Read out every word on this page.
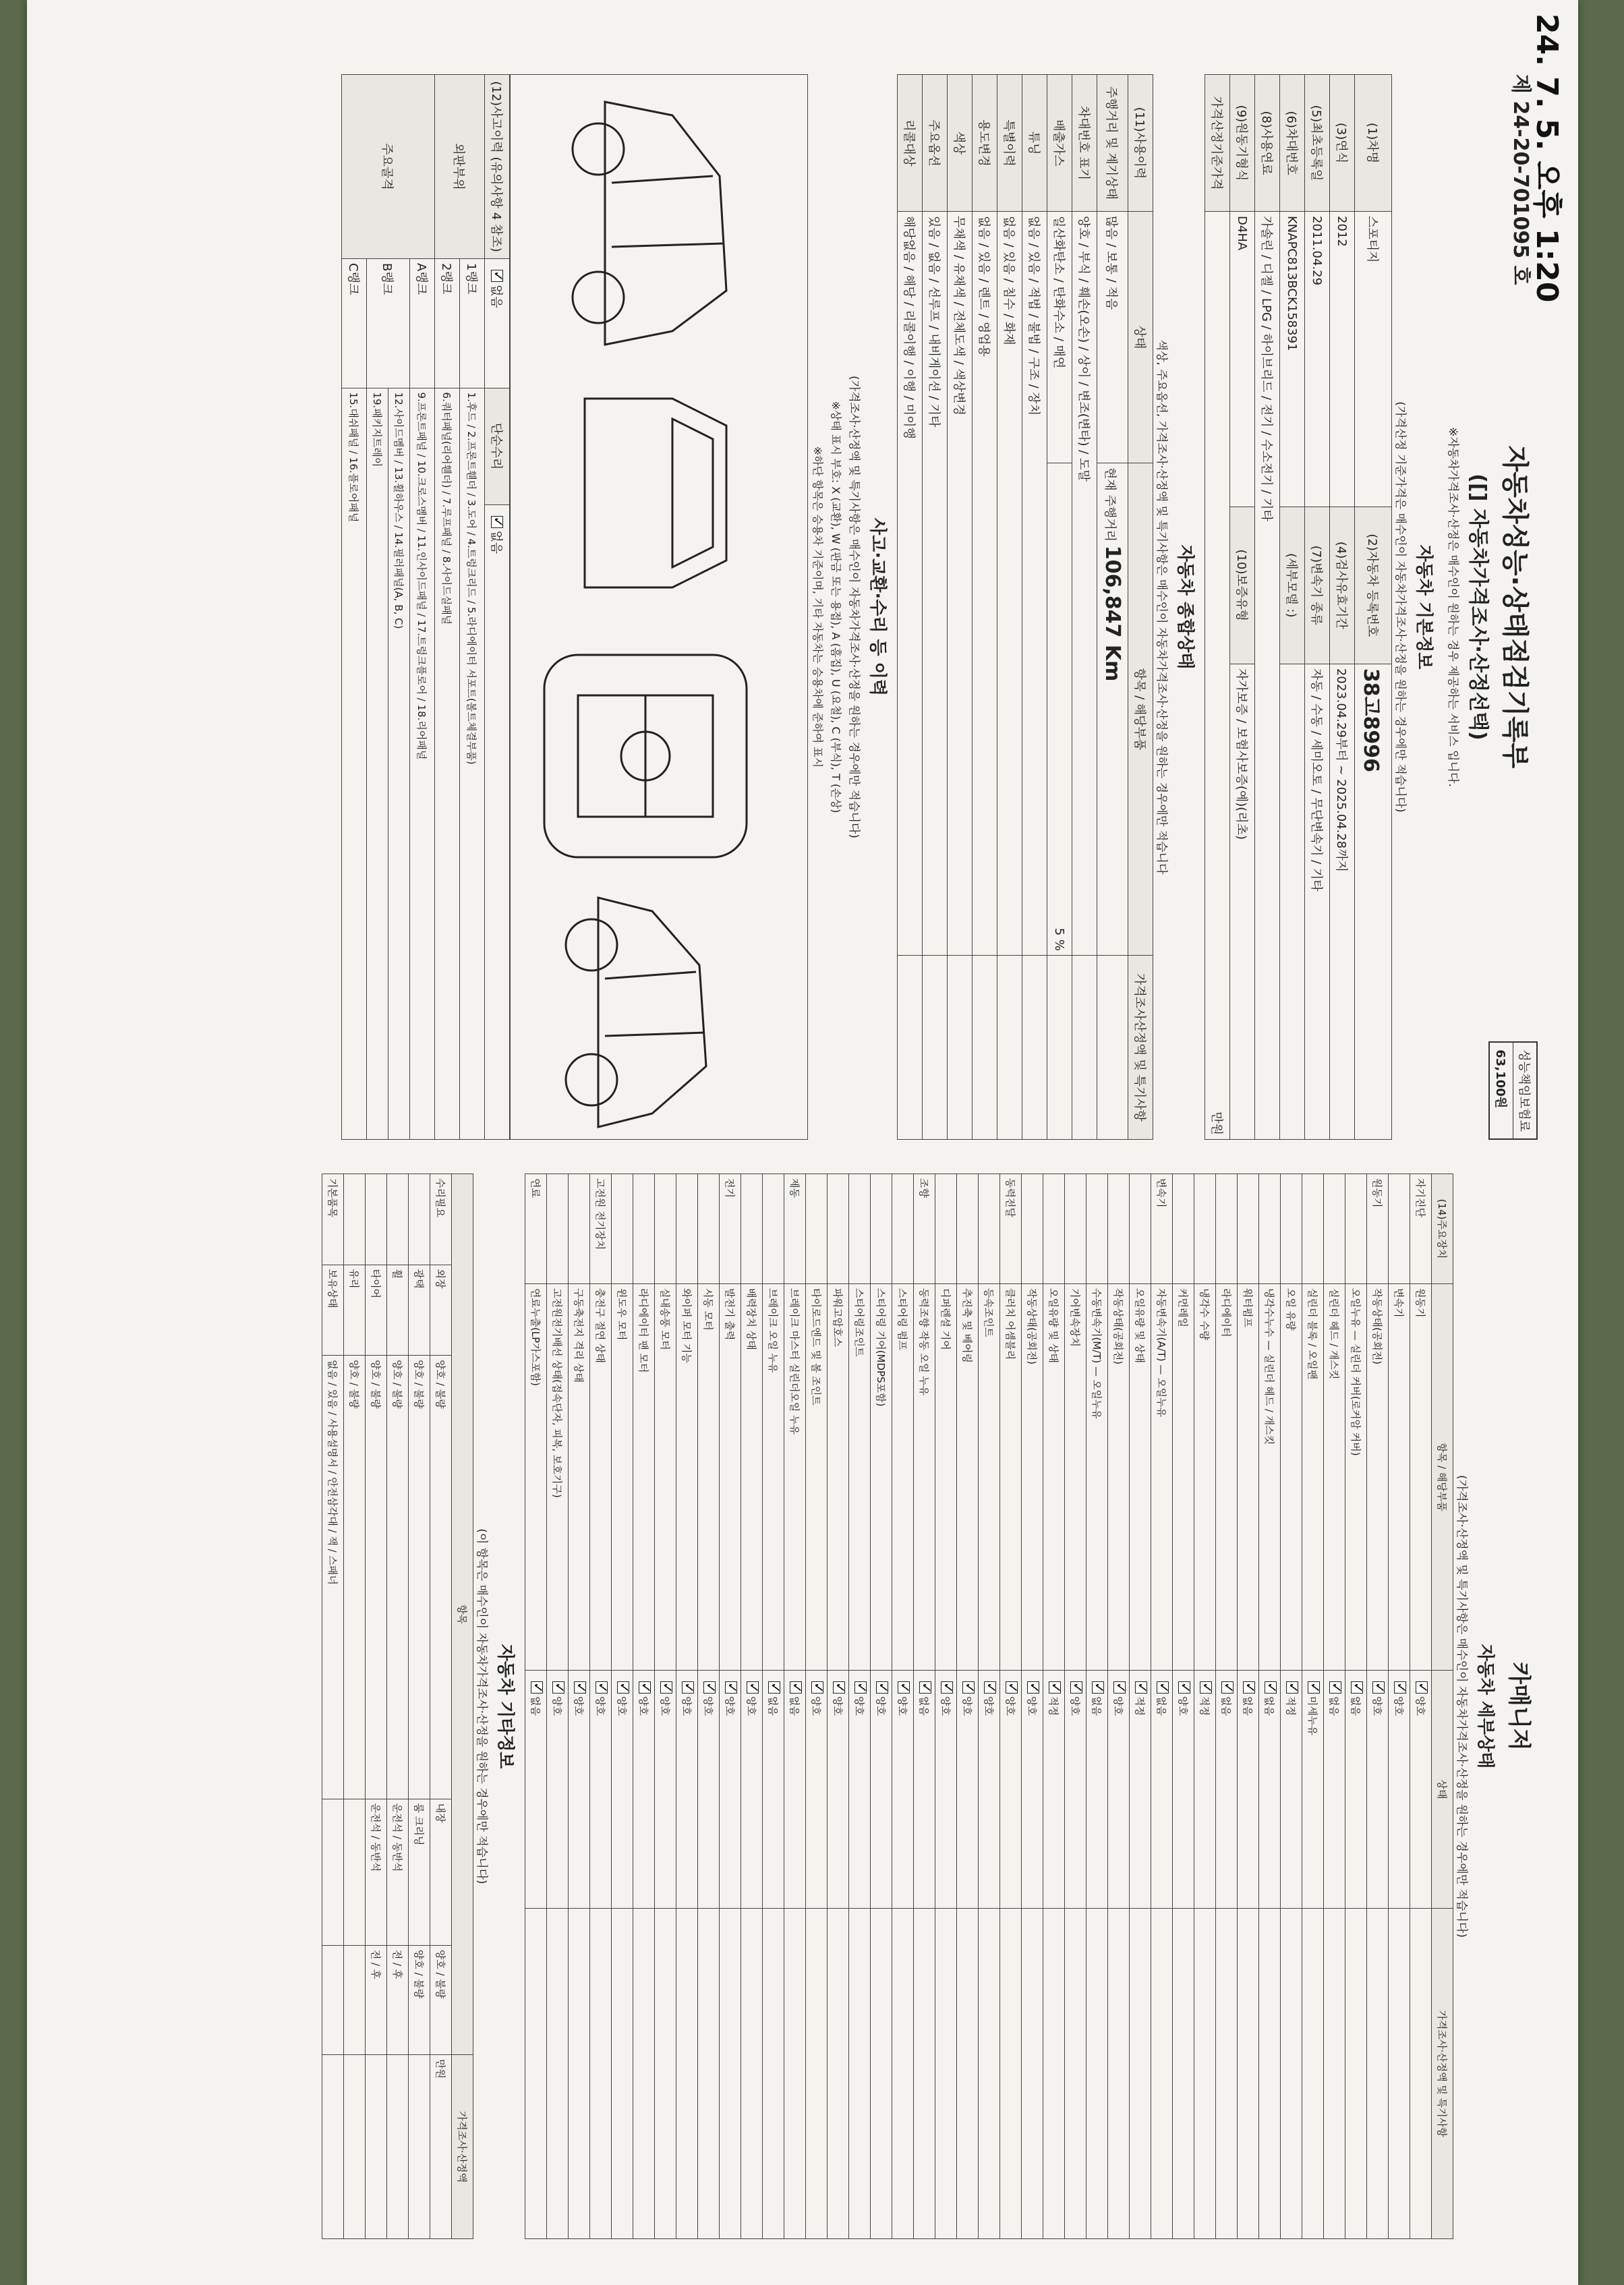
24. 7. 5. 오후 1:20
제 24-20-701095 호
성능책임보험료
63,100원

자동차성능·상태점검기록부

([] 자동차가격조사·산정선택)

※자동차가격조사·산정은 매수인이 원하는 경우 제공하는 서비스 입니다.

자동차 기본정보

(가격산정 기준가격은 매수인이 자동차가격조사·산정을 원하는 경우에만 적습니다)

(1)차명	스포티지	(2)자동차 등록번호	38고8996
(3)연식	2012	(4)검사유효기간	2023.04.29부터 ~ 2025.04.28까지
(5)최초등록일	2011.04.29	(7)변속기 종류	자동 / 수동 / 세미오토 / 무단변속기 / 기타
(6)차대번호	KNAPC813BCK158391	(세부모델 :)	
(8)사용연료	가솔린 / 디젤 / LPG / 하이브리드 / 전기 / 수소전기 / 기타		
(9)원동기형식	D4HA	(10)보증유형	자가보증 / 보험사보증(예)(리초)
가격산정기준가격	만원		
자동차 종합상태

색상, 주요옵션, 가격조사·산정액 및 특기사항은 매수인이 자동차가격조사·산정을 원하는 경우에만 적습니다

(11)사용이력	상태	항목 / 해당부품	가격조사산정액 및 특기사항
주행거리 및 계기상태	많음 / 보통 / 적음	현재 주행거리 106,847 Km	
차대번호 표기	양호 / 부식 / 훼손(오손) / 상이 / 변조(변타) / 도말		
배출가스	일산화탄소 / 탄화수소 / 매연	5 %	
튜닝	없음 / 있음 / 적법 / 불법 / 구조 / 장치		
특별이력	없음 / 있음 / 침수 / 화재		
용도변경	없음 / 있음 / 렌트 / 영업용		
색상	무채색 / 유채색 / 전체도색 / 색상변경		
주요옵션	있음 / 없음 / 선루프 / 내비게이션 / 기타		
리콜대상	해당없음 / 해당 / 리콜이행 / 이행 / 미이행		
사고·교환·수리 등 이력

(가격조사·산정액 및 특기사항은 매수인이 자동차가격조사·산정을 원하는 경우에만 적습니다)

※상태 표시 부호: X (교환), W (판금 또는 용접), A (흠집), U (요철), C (부식), T (손상)

※하단 항목은 승용차 기준이며, 기타 자동차는 승용차에 준하여 표시

(12)사고이력 (유의사항 4 참조)	✓없음	단순수리	✓없음
외판부위	1랭크	1.후드 / 2.프론트휀더 / 3.도어 / 4.트렁크리드 / 5.라디에이터 서포트(볼트체결부품)	
	2랭크	6.쿼터패널(리어휀더) / 7.루프패널 / 8.사이드실패널	
주요골격	A랭크	9.프론트패널 / 10.크로스멤버 / 11.인사이드패널 / 17.트렁크플로어 / 18.리어패널	
	B랭크	12.사이드멤버 / 13.휠하우스 / 14.필러패널(A, B, C)	
		19.패키지트레이	
	C랭크	15.대쉬패널 / 16.플로어패널	
카매니저
자동차 세부상태

(가격조사·산정액 및 특기사항은 매수인이 자동차가격조사·산정을 원하는 경우에만 적습니다)

(14)주요장치	항목 / 해당부품	상태	가격조사·산정액 및 특기사항
자기진단	원동기	✓양호	
	변속기	✓양호	
원동기	작동상태(공회전)	✓양호	
	오일누유 — 실린더 커버(로커암 커버)	✓없음	
	실린더 헤드 / 개스킷	✓없음	
	실린더 블록 / 오일팬	✓미세누유	
	오일 유량	✓적정	
	냉각수누수 — 실린더 헤드 / 개스킷	✓없음	
	워터펌프	✓없음	
	라디에이터	✓없음	
	냉각수 수량	✓적정	
	커먼레일	✓양호	
변속기	자동변속기(A/T) — 오일누유	✓없음	
	오일유량 및 상태	✓적정	
	작동상태(공회전)	✓양호	
	수동변속기(M/T) — 오일누유	✓없음	
	기어변속장치	✓양호	
	오일유량 및 상태	✓적정	
	작동상태(공회전)	✓양호	
동력전달	클러치 어셈블리	✓양호	
	등속조인트	✓양호	
	추진축 및 베어링	✓양호	
	디퍼렌셜 기어	✓양호	
조향	동력조향 작동 오일 누유	✓없음	
	스티어링 펌프	✓양호	
	스티어링 기어(MDPS포함)	✓양호	
	스티어링조인트	✓양호	
	파워고압호스	✓양호	
	타이로드엔드 및 볼 조인트	✓양호	
제동	브레이크 마스터 실린더오일 누유	✓없음	
	브레이크 오일 누유	✓없음	
	배력장치 상태	✓양호	
전기	발전기 출력	✓양호	
	시동 모터	✓양호	
	와이퍼 모터 기능	✓양호	
	실내송풍 모터	✓양호	
	라디에이터 팬 모터	✓양호	
	윈도우 모터	✓양호	
고전원 전기장치	충전구 절연 상태	✓양호	
	구동축전지 격리 상태	✓양호	
	고전원전기배선 상태(접속단자, 피복, 보호기구)	✓양호	
연료	연료누출(LP가스포함)	✓없음	
자동차 기타정보

(이 항목은 매수인이 자동차가격조사·산정을 원하는 경우에만 적습니다)

항목					가격조사·산정액
수리필요	외장	양호 / 불량	내장	양호 / 불량	만원
	광택	양호 / 불량	룸 크리닝	양호 / 불량	
	휠	양호 / 불량	운전석 / 동반석	전 / 후	
	타이어	양호 / 불량	운전석 / 동반석	전 / 후	
	유리	양호 / 불량			
기본품목	보유상태	없음 / 있음 / 사용설명서 / 안전삼각대 / 잭 / 스패너			
